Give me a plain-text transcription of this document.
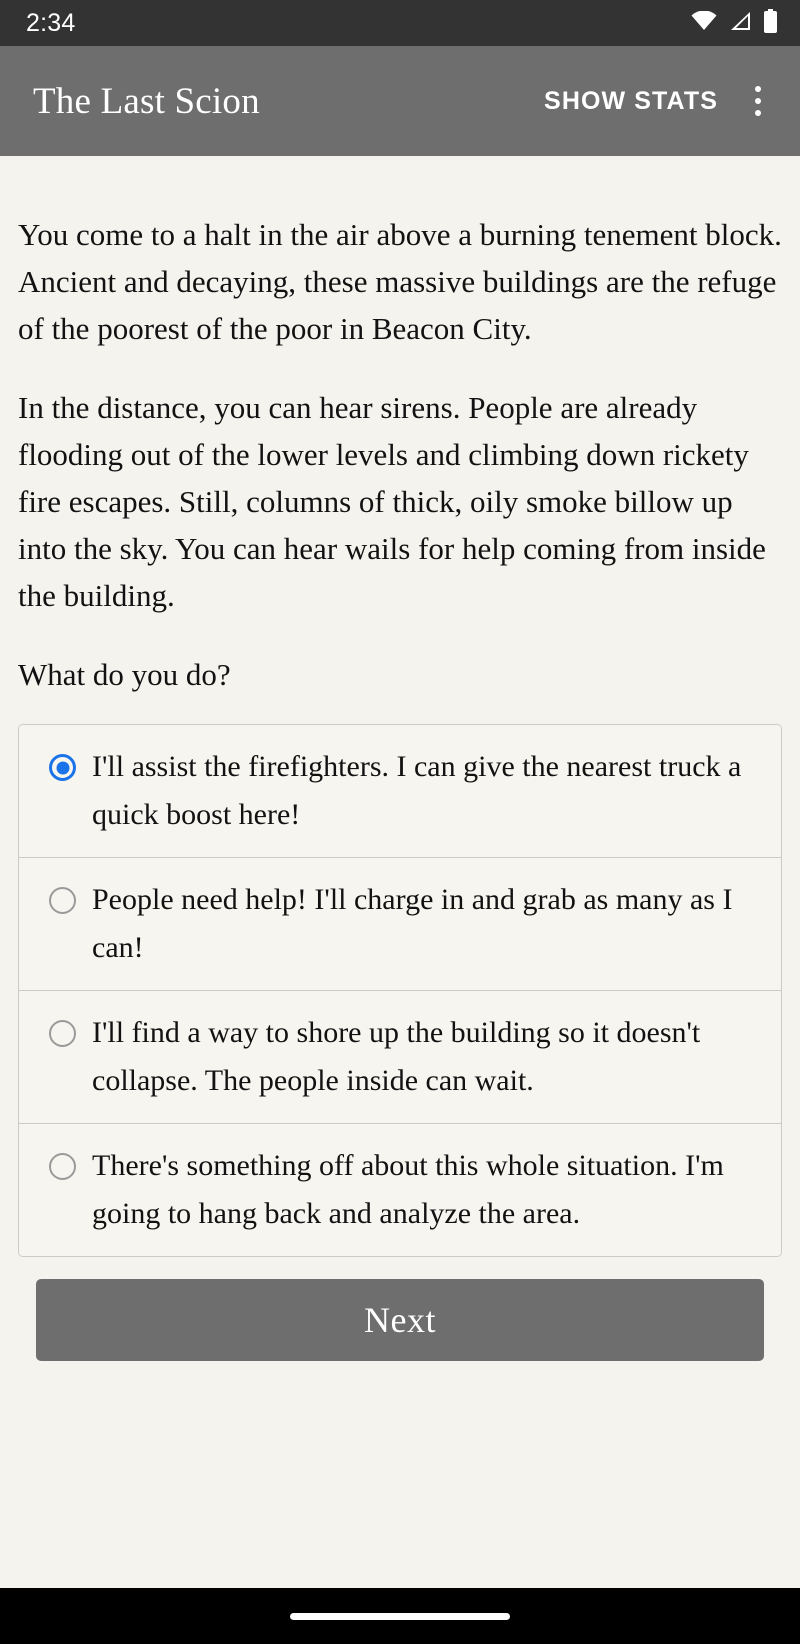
2:34
The Last Scion	SHOW STATS

You come to a halt in the air above a burning tenement block. Ancient and decaying, these massive buildings are the refuge of the poorest of the poor in Beacon City.

In the distance, you can hear sirens. People are already flooding out of the lower levels and climbing down rickety fire escapes. Still, columns of thick, oily smoke billow up into the sky. You can hear wails for help coming from inside the building.

What do you do?

I'll assist the firefighters. I can give the nearest truck a quick boost here!
People need help! I'll charge in and grab as many as I can!
I'll find a way to shore up the building so it doesn't collapse. The people inside can wait.
There's something off about this whole situation. I'm going to hang back and analyze the area.
Next
